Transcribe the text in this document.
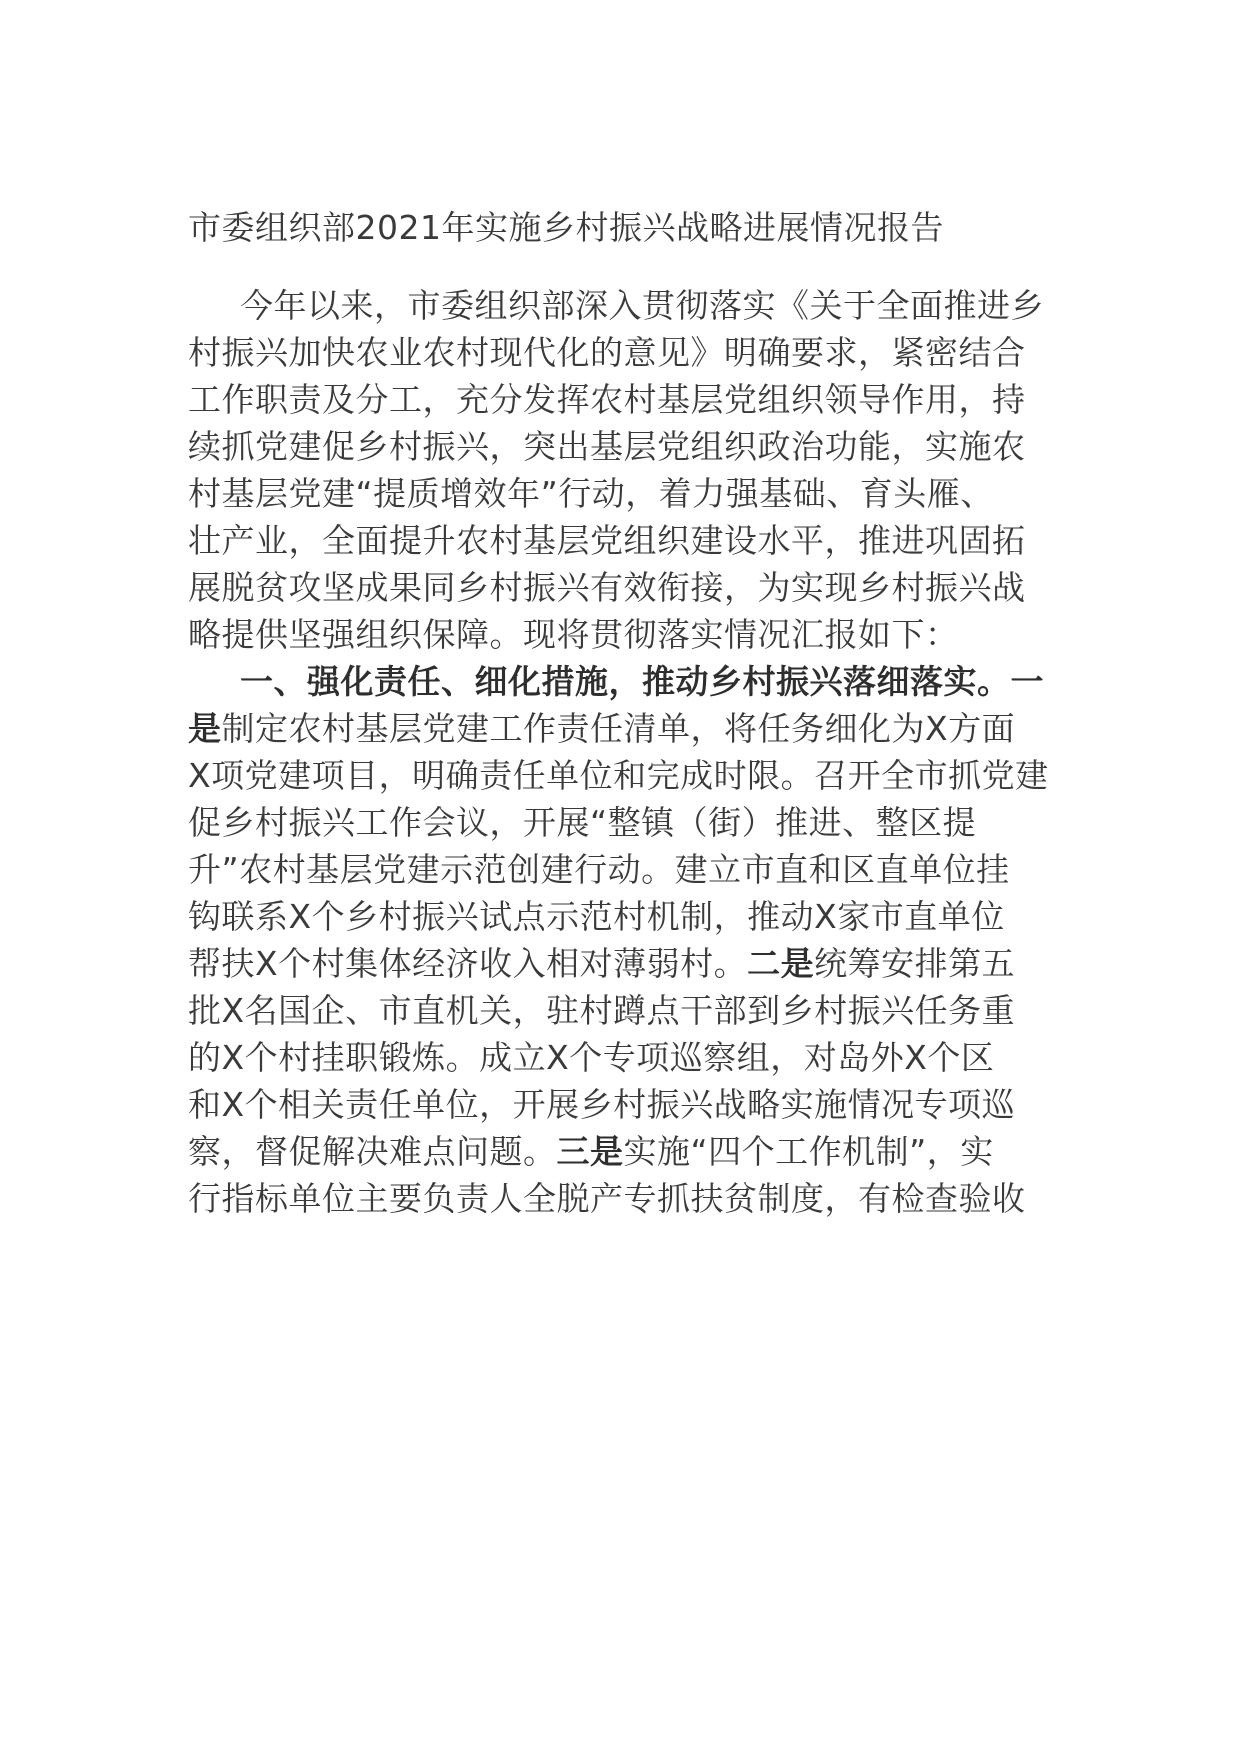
市委组织部2021年实施乡村振兴战略进展情况报告
今年以来，市委组织部深入贯彻落实《关于全面推进乡
村振兴加快农业农村现代化的意见》明确要求，紧密结合
工作职责及分工，充分发挥农村基层党组织领导作用，持
续抓党建促乡村振兴，突出基层党组织政治功能，实施农
村基层党建“提质增效年”行动，着力强基础、育头雁、
壮产业，全面提升农村基层党组织建设水平，推进巩固拓
展脱贫攻坚成果同乡村振兴有效衔接，为实现乡村振兴战
略提供坚强组织保障。现将贯彻落实情况汇报如下：
一、强化责任、细化措施，推动乡村振兴落细落实。一
是制定农村基层党建工作责任清单，将任务细化为X方面
X项党建项目，明确责任单位和完成时限。召开全市抓党建
促乡村振兴工作会议，开展“整镇（街）推进、整区提
升”农村基层党建示范创建行动。建立市直和区直单位挂
钩联系X个乡村振兴试点示范村机制，推动X家市直单位
帮扶X个村集体经济收入相对薄弱村。二是统筹安排第五
批X名国企、市直机关，驻村蹲点干部到乡村振兴任务重
的X个村挂职锻炼。成立X个专项巡察组，对岛外X个区
和X个相关责任单位，开展乡村振兴战略实施情况专项巡
察，督促解决难点问题。三是实施“四个工作机制”，实
行指标单位主要负责人全脱产专抓扶贫制度，有检查验收
